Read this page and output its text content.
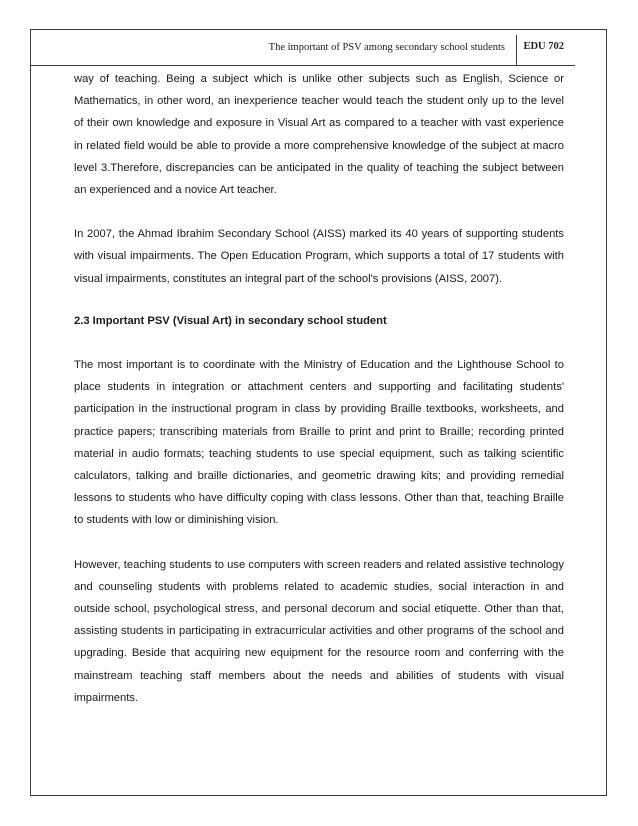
The important of PSV among secondary school students EDU 702

way of teaching. Being a subject which is unlike other subjects such as English, Science or Mathematics, in other word, an inexperience teacher would teach the student only up to the level of their own knowledge and exposure in Visual Art as compared to a teacher with vast experience in related field would be able to provide a more comprehensive knowledge of the subject at macro level 3.Therefore, discrepancies can be anticipated in the quality of teaching the subject between an experienced and a novice Art teacher.

In 2007, the Ahmad Ibrahim Secondary School (AISS) marked its 40 years of supporting students with visual impairments. The Open Education Program, which supports a total of 17 students with visual impairments, constitutes an integral part of the school's provisions (AISS, 2007).

2.3 Important PSV (Visual Art) in secondary school student

The most important is to coordinate with the Ministry of Education and the Lighthouse School to place students in integration or attachment centers and supporting and facilitating students' participation in the instructional program in class by providing Braille textbooks, worksheets, and practice papers; transcribing materials from Braille to print and print to Braille; recording printed material in audio formats; teaching students to use special equipment, such as talking scientific calculators, talking and braille dictionaries, and geometric drawing kits; and providing remedial lessons to students who have difficulty coping with class lessons. Other than that, teaching Braille to students with low or diminishing vision.

However, teaching students to use computers with screen readers and related assistive technology and counseling students with problems related to academic studies, social interaction in and outside school, psychological stress, and personal decorum and social etiquette. Other than that, assisting students in participating in extracurricular activities and other programs of the school and upgrading. Beside that acquiring new equipment for the resource room and conferring with the mainstream teaching staff members about the needs and abilities of students with visual impairments.
